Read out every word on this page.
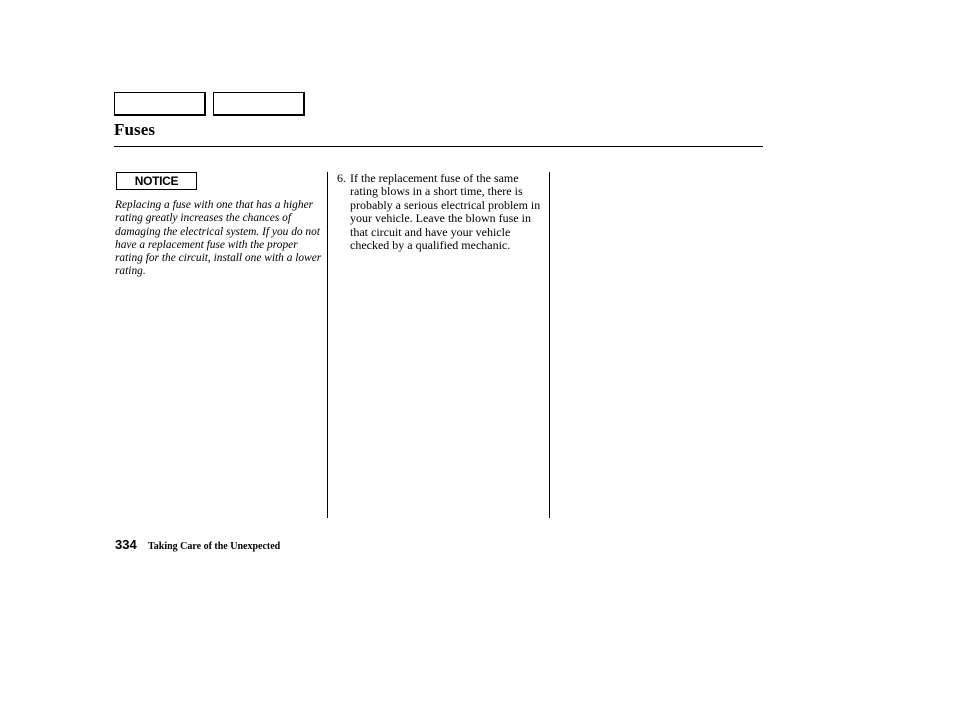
Fuses
NOTICE

Replacing a fuse with one that has a higher rating greatly increases the chances of damaging the electrical system. If you do not have a replacement fuse with the proper rating for the circuit, install one with a lower rating.

6. If the replacement fuse of the same rating blows in a short time, there is probably a serious electrical problem in your vehicle. Leave the blown fuse in that circuit and have your vehicle checked by a qualified mechanic.
334 Taking Care of the Unexpected
